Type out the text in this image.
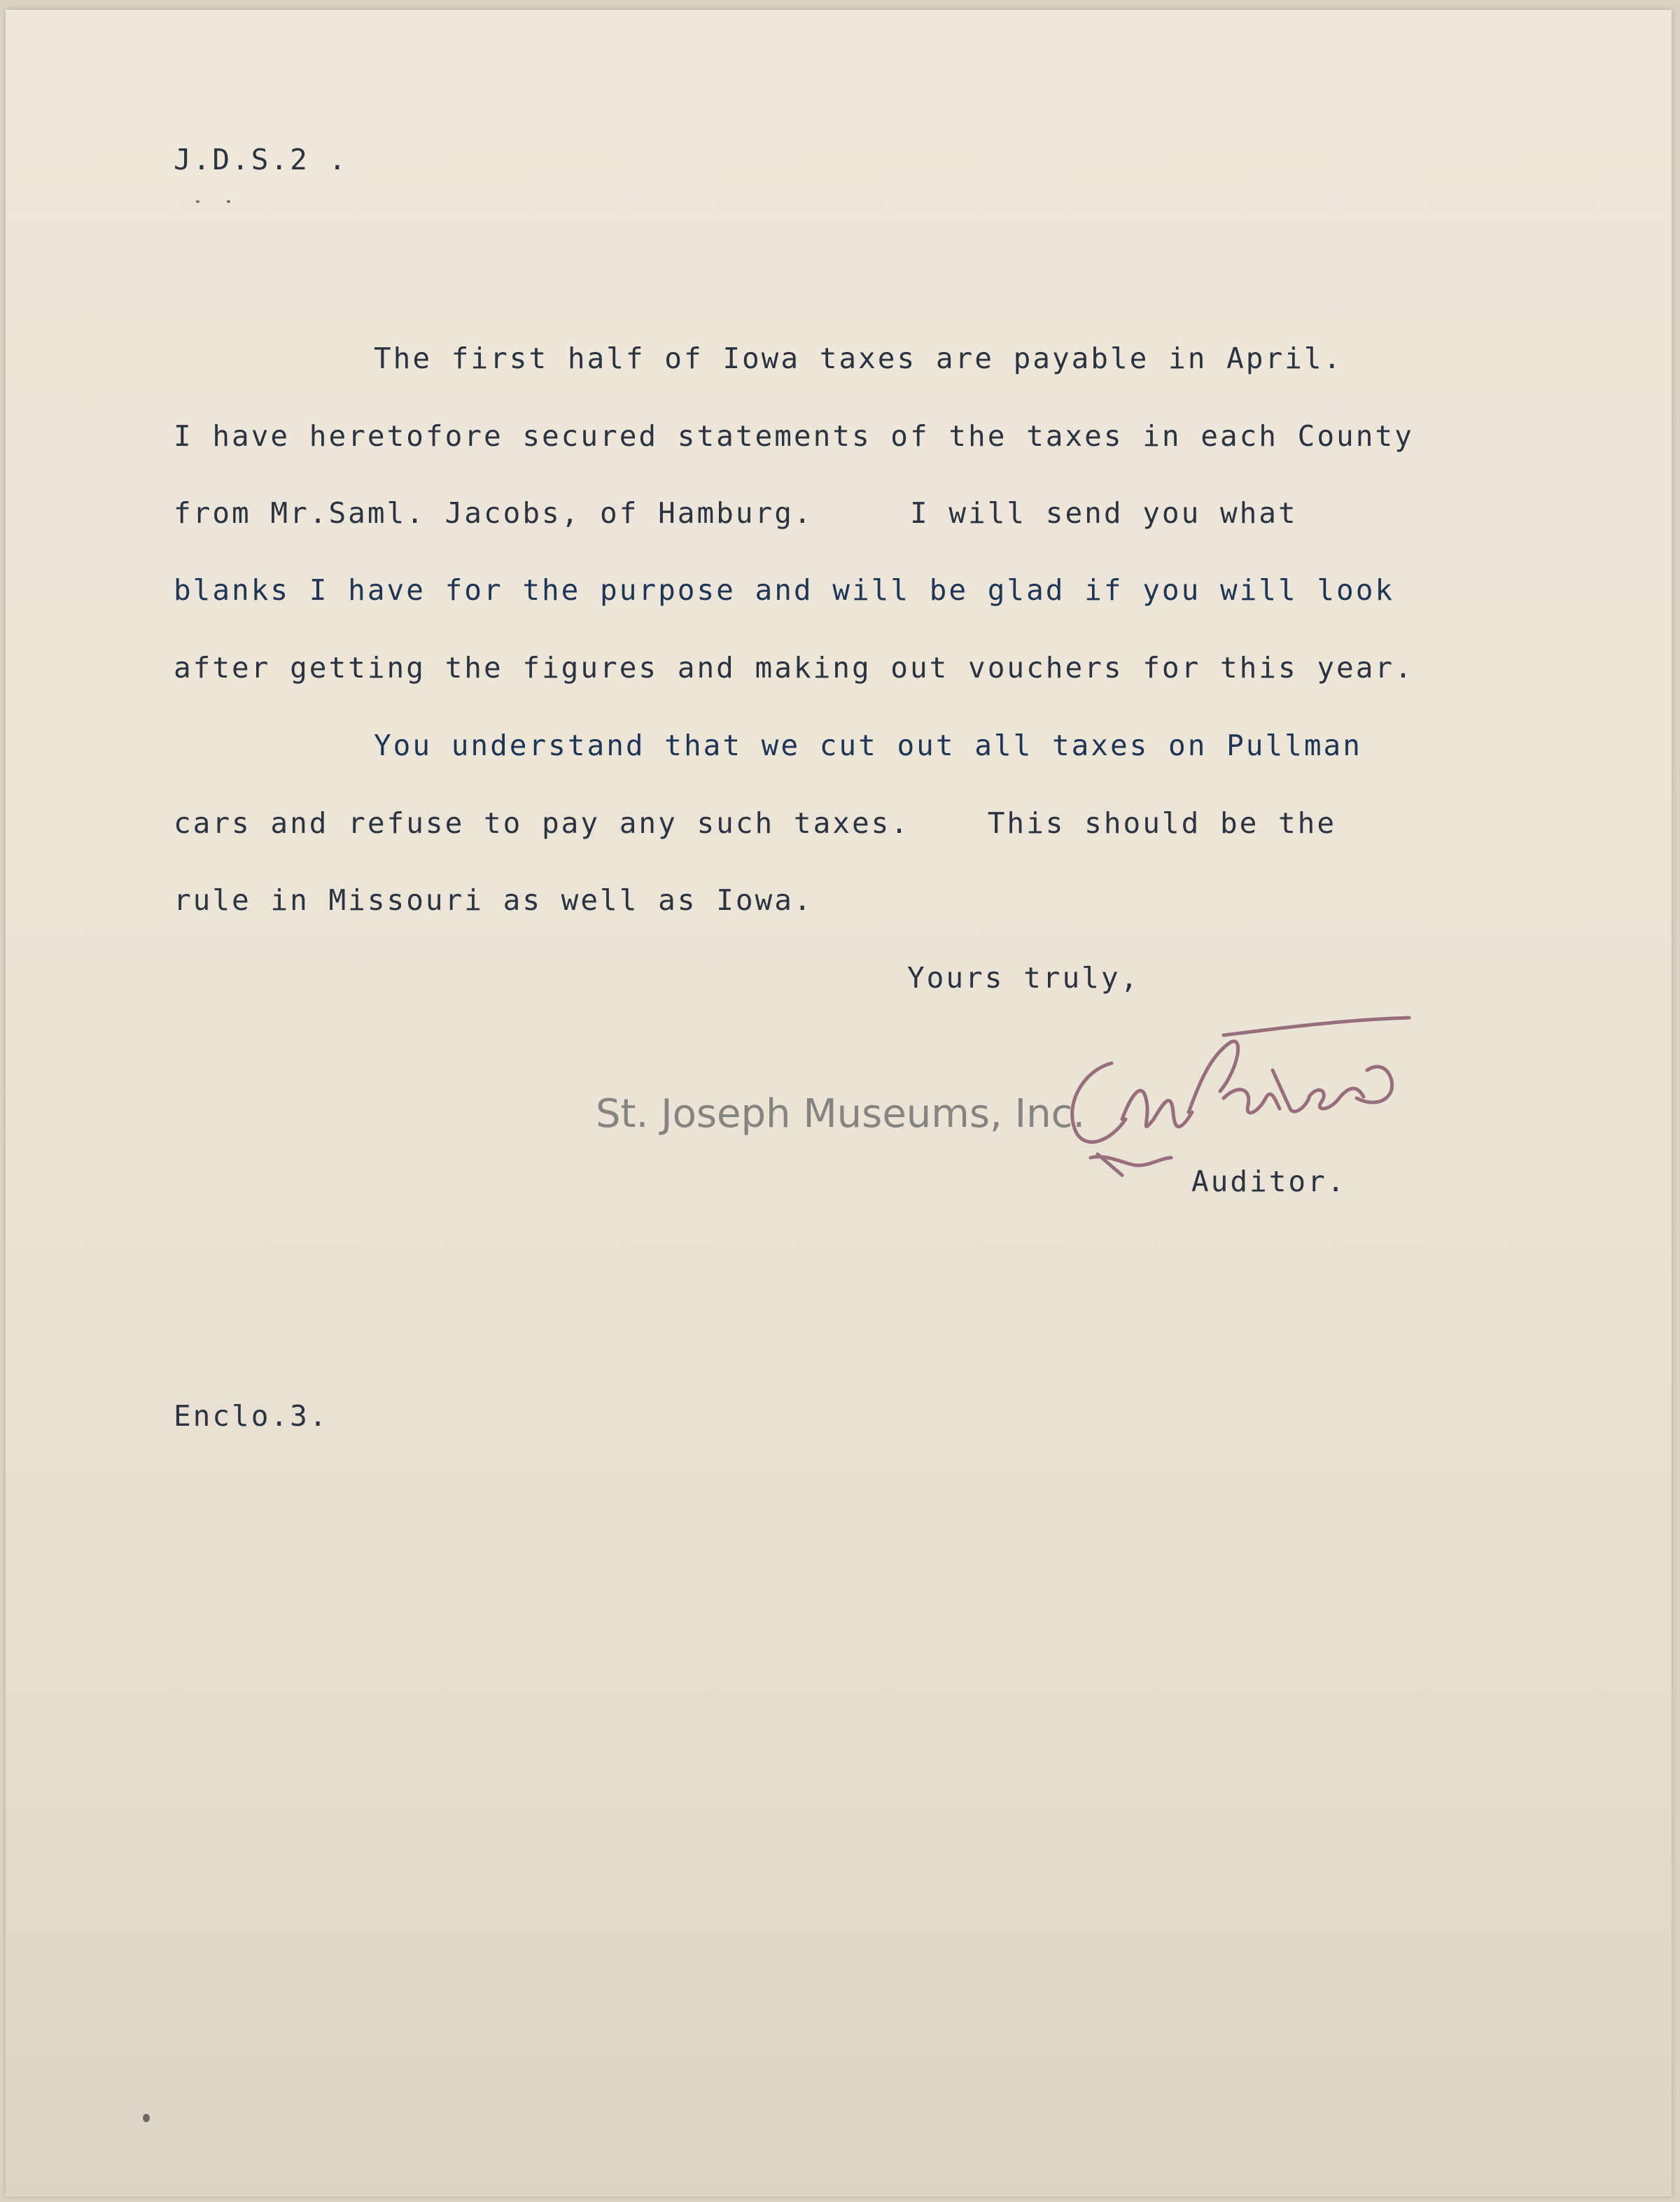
J.D.S.2 .
The first half of Iowa taxes are payable in April.
I have heretofore secured statements of the taxes in each County
from Mr.Saml. Jacobs, of Hamburg.     I will send you what
blanks I have for the purpose and will be glad if you will look
after getting the figures and making out vouchers for this year.
You understand that we cut out all taxes on Pullman
cars and refuse to pay any such taxes.    This should be the
rule in Missouri as well as Iowa.
Yours truly,
St. Joseph Museums, Inc.
Auditor.
Enclo.3.
